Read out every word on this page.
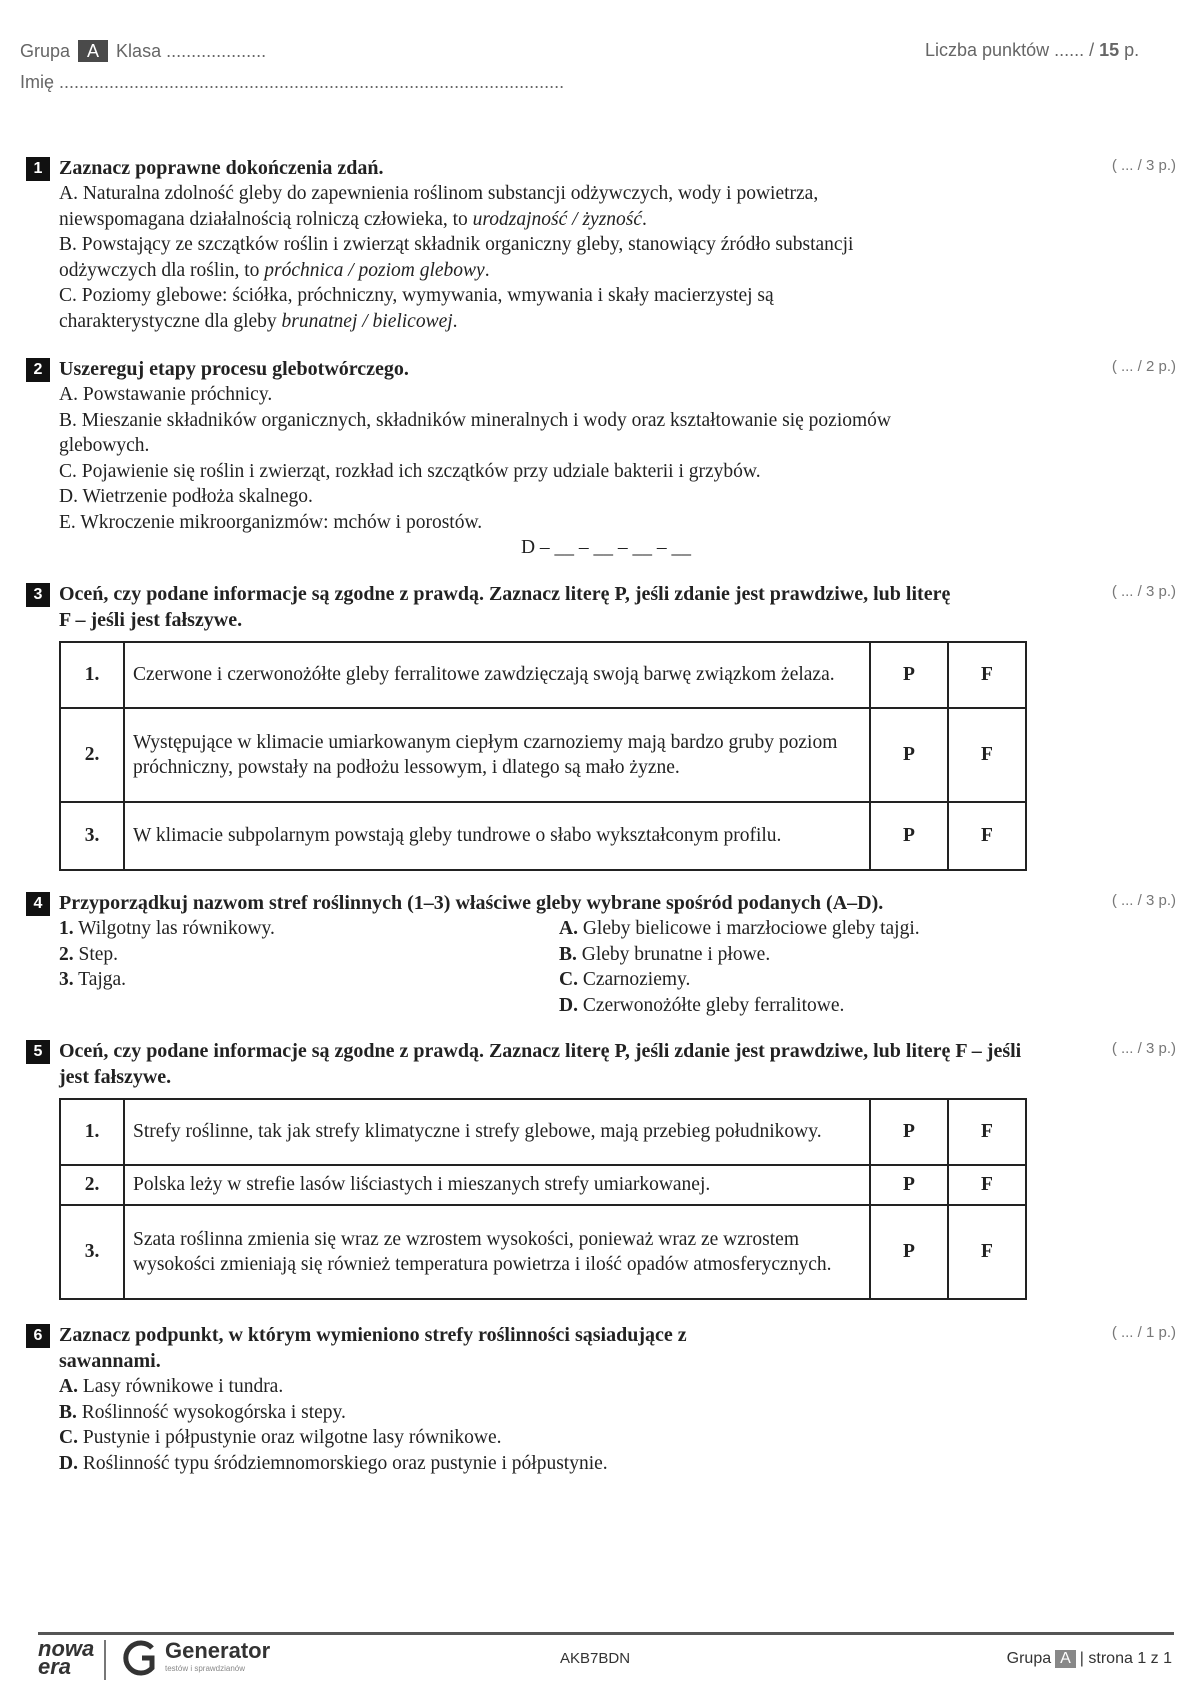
Grupa A Klasa ....................	Liczba punktów ...... / 15 p.
Imię .....................................................................................................
1	( ... / 3 p.)
Zaznacz poprawne dokończenia zdań.
A. Naturalna zdolność gleby do zapewnienia roślinom substancji odżywczych, wody i powietrza,
niewspomagana działalnością rolniczą człowieka, to urodzajność / żyzność.
B. Powstający ze szczątków roślin i zwierząt składnik organiczny gleby, stanowiący źródło substancji
odżywczych dla roślin, to próchnica / poziom glebowy.
C. Poziomy glebowe: ściółka, próchniczny, wymywania, wmywania i skały macierzystej są
charakterystyczne dla gleby brunatnej / bielicowej.
2	( ... / 2 p.)
Uszereguj etapy procesu glebotwórczego.
A. Powstawanie próchnicy.
B. Mieszanie składników organicznych, składników mineralnych i wody oraz kształtowanie się poziomów
glebowych.
C. Pojawienie się roślin i zwierząt, rozkład ich szczątków przy udziale bakterii i grzybów.
D. Wietrzenie podłoża skalnego.
E. Wkroczenie mikroorganizmów: mchów i porostów.
D – __ – __ – __ – __
3	( ... / 3 p.)
Oceń, czy podane informacje są zgodne z prawdą. Zaznacz literę P, jeśli zdanie jest prawdziwe, lub literę F – jeśli jest fałszywe.
1.	Czerwone i czerwonożółte gleby ferralitowe zawdzięczają swoją barwę związkom żelaza.	P	F
2.	Występujące w klimacie umiarkowanym ciepłym czarnoziemy mają bardzo gruby poziom próchniczny, powstały na podłożu lessowym, i dlatego są mało żyzne.	P	F
3.	W klimacie subpolarnym powstają gleby tundrowe o słabo wykształconym profilu.	P	F
4	( ... / 3 p.)
Przyporządkuj nazwom stref roślinnych (1–3) właściwe gleby wybrane spośród podanych (A–D).
1. Wilgotny las równikowy.
2. Step.
3. Tajga.
A. Gleby bielicowe i marzłociowe gleby tajgi.
B. Gleby brunatne i płowe.
C. Czarnoziemy.
D. Czerwonożółte gleby ferralitowe.
5	( ... / 3 p.)
Oceń, czy podane informacje są zgodne z prawdą. Zaznacz literę P, jeśli zdanie jest prawdziwe, lub literę F – jeśli jest fałszywe.
1.	Strefy roślinne, tak jak strefy klimatyczne i strefy glebowe, mają przebieg południkowy.	P	F
2.	Polska leży w strefie lasów liściastych i mieszanych strefy umiarkowanej.	P	F
3.	Szata roślinna zmienia się wraz ze wzrostem wysokości, ponieważ wraz ze wzrostem wysokości zmieniają się również temperatura powietrza i ilość opadów atmosferycznych.	P	F
6	( ... / 1 p.)
Zaznacz podpunkt, w którym wymieniono strefy roślinności sąsiadujące z sawannami.
A. Lasy równikowe i tundra.
B. Roślinność wysokogórska i stepy.
C. Pustynie i półpustynie oraz wilgotne lasy równikowe.
D. Roślinność typu śródziemnomorskiego oraz pustynie i półpustynie.
nowa
era
Generator
testów i sprawdzianów
AKB7BDN	Grupa A | strona 1 z 1
